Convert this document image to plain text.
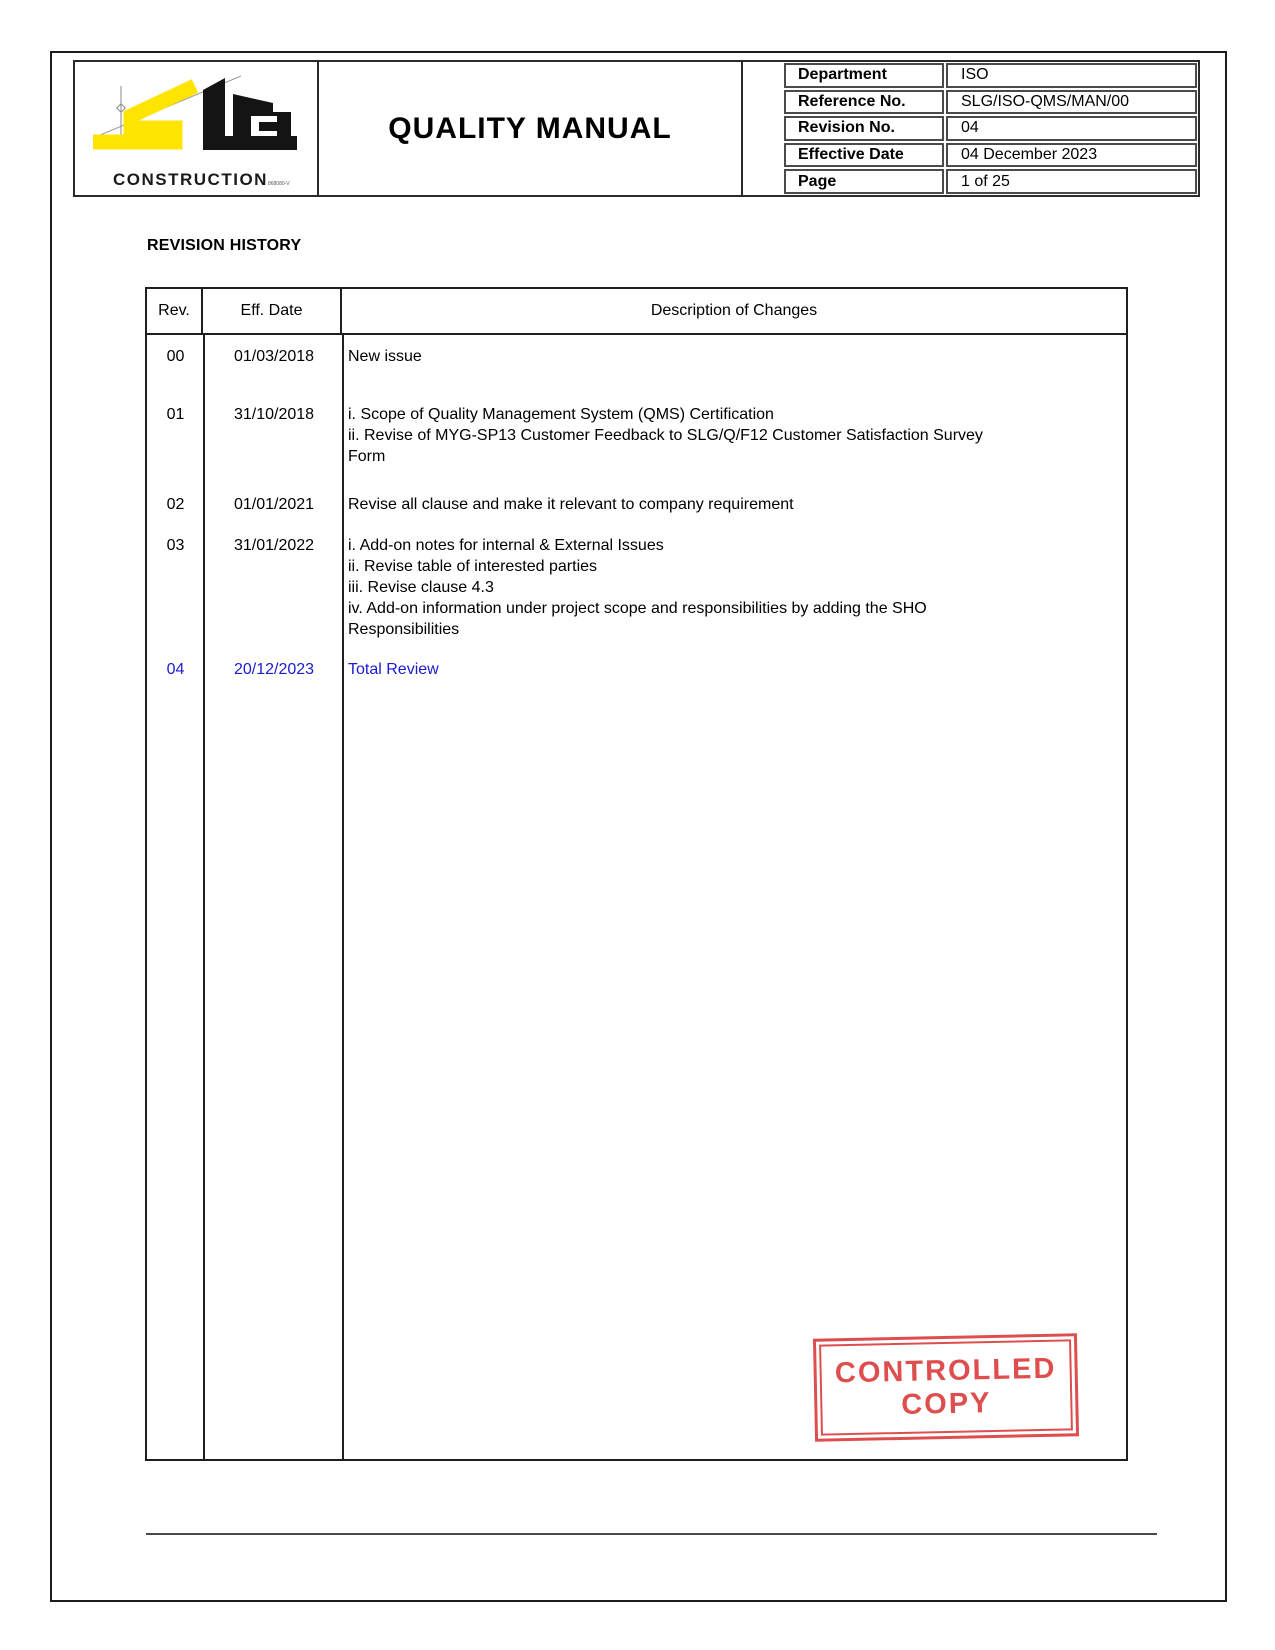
CONSTRUCTION868080-V
QUALITY MANUAL
Department	ISO
Reference No.	SLG/ISO-QMS/MAN/00
Revision No.	04
Effective Date	04 December 2023
Page	1 of 25
REVISION HISTORY
Rev.	Eff. Date	Description of Changes
00	01/03/2018	New issue
01	31/10/2018	i. Scope of Quality Management System (QMS) Certification
ii. Revise of MYG-SP13 Customer Feedback to SLG/Q/F12 Customer Satisfaction Survey
Form
02	01/01/2021	Revise all clause and make it relevant to company requirement
03	31/01/2022	i. Add-on notes for internal & External Issues
ii. Revise table of interested parties
iii. Revise clause 4.3
iv. Add-on information under project scope and responsibilities by adding the SHO
Responsibilities
04	20/12/2023	Total Review
CONTROLLED
COPY
